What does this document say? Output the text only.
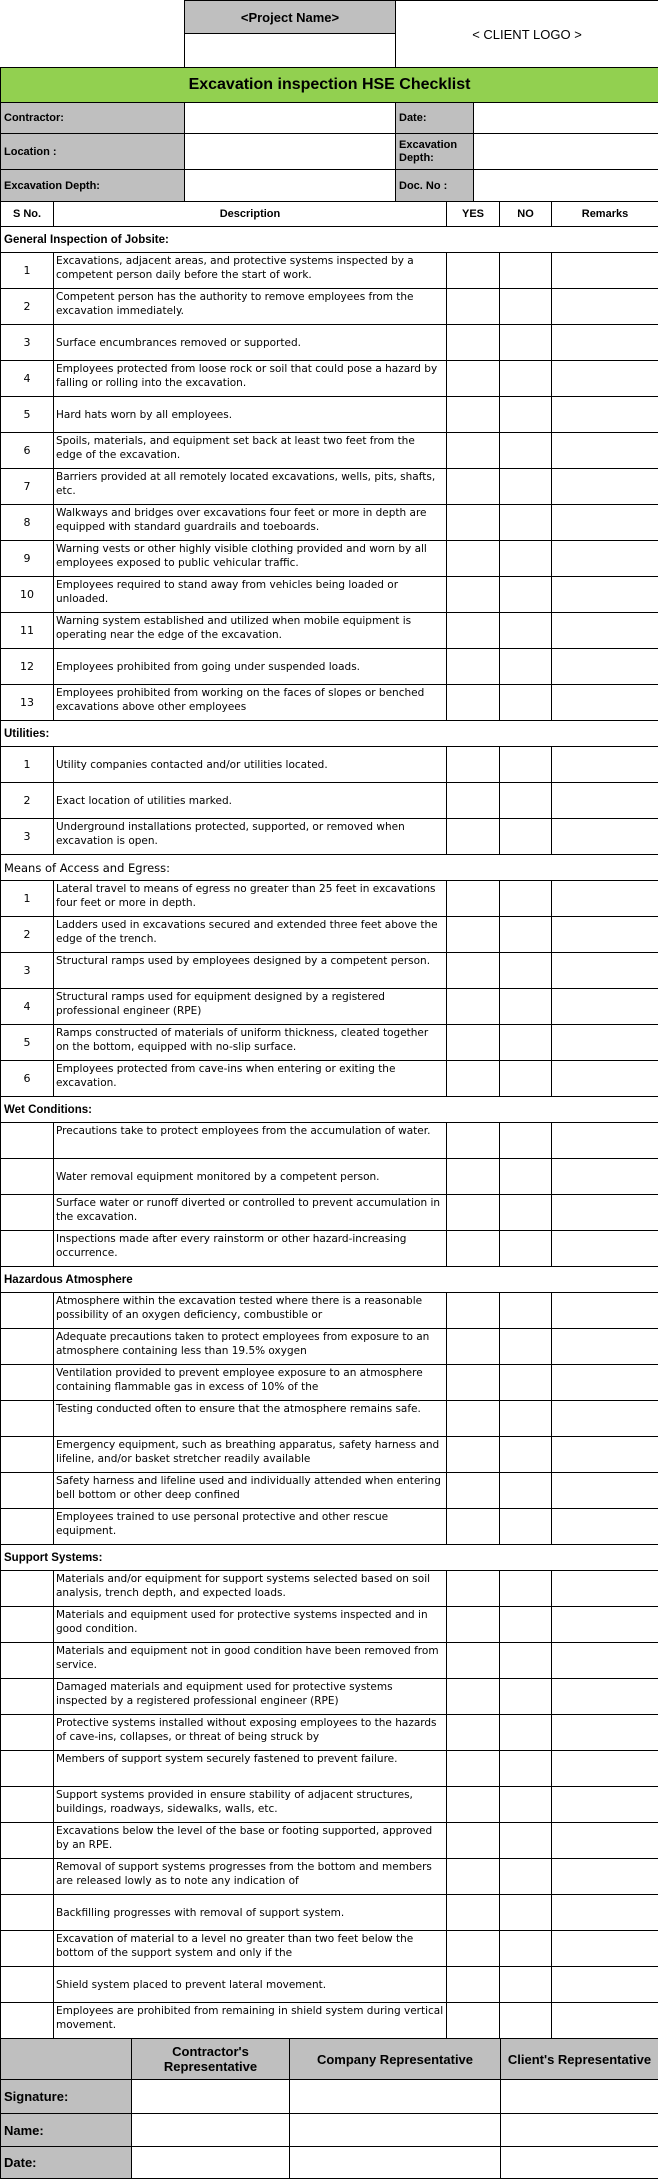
	<Project Name>	< CLIENT LOGO >	

Excavation inspection HSE Checklist			
Contractor:		Date:	
Location :		Excavation Depth:	
Excavation Depth:		Doc. No :	
S No.	Description	YES	NO	Remarks
General Inspection of Jobsite:				
1	Excavations, adjacent areas, and protective systems inspected by a competent person daily before the start of work.			
2	Competent person has the authority to remove employees from the excavation immediately.			
3	Surface encumbrances removed or supported.			
4	Employees protected from loose rock or soil that could pose a hazard by falling or rolling into the excavation.			
5	Hard hats worn by all employees.			
6	Spoils, materials, and equipment set back at least two feet from the edge of the excavation.			
7	Barriers provided at all remotely located excavations, wells, pits, shafts, etc.			
8	Walkways and bridges over excavations four feet or more in depth are equipped with standard guardrails and toeboards.			
9	Warning vests or other highly visible clothing provided and worn by all employees exposed to public vehicular traffic.			
10	Employees required to stand away from vehicles being loaded or unloaded.			
11	Warning system established and utilized when mobile equipment is operating near the edge of the excavation.			
12	Employees prohibited from going under suspended loads.			
13	Employees prohibited from working on the faces of slopes or benched excavations above other employees			
Utilities:				
1	Utility companies contacted and/or utilities located.			
2	Exact location of utilities marked.			
3	Underground installations protected, supported, or removed when excavation is open.			
Means of Access and Egress:				
1	Lateral travel to means of egress no greater than 25 feet in excavations four feet or more in depth.			
2	Ladders used in excavations secured and extended three feet above the edge of the trench.			
3	Structural ramps used by employees designed by a competent person.			
4	Structural ramps used for equipment designed by a registered professional engineer (RPE)			
5	Ramps constructed of materials of uniform thickness, cleated together on the bottom, equipped with no-slip surface.			
6	Employees protected from cave-ins when entering or exiting the excavation.			
Wet Conditions:				
	Precautions take to protect employees from the accumulation of water.			
	Water removal equipment monitored by a competent person.			
	Surface water or runoff diverted or controlled to prevent accumulation in the excavation.			
	Inspections made after every rainstorm or other hazard-increasing occurrence.			
Hazardous Atmosphere				
	Atmosphere within the excavation tested where there is a reasonable possibility of an oxygen deficiency, combustible or			
	Adequate precautions taken to protect employees from exposure to an atmosphere containing less than 19.5% oxygen			
	Ventilation provided to prevent employee exposure to an atmosphere containing flammable gas in excess of 10% of the			
	Testing conducted often to ensure that the atmosphere remains safe.			
	Emergency equipment, such as breathing apparatus, safety harness and lifeline, and/or basket stretcher readily available			
	Safety harness and lifeline used and individually attended when entering bell bottom or other deep confined			
	Employees trained to use personal protective and other rescue equipment.			
Support Systems:				
	Materials and/or equipment for support systems selected based on soil analysis, trench depth, and expected loads.			
	Materials and equipment used for protective systems inspected and in good condition.			
	Materials and equipment not in good condition have been removed from service.			
	Damaged materials and equipment used for protective systems inspected by a registered professional engineer (RPE)			
	Protective systems installed without exposing employees to the hazards of cave-ins, collapses, or threat of being struck by			
	Members of support system securely fastened to prevent failure.			
	Support systems provided in ensure stability of adjacent structures, buildings, roadways, sidewalks, walls, etc.			
	Excavations below the level of the base or footing supported, approved by an RPE.			
	Removal of support systems progresses from the bottom and members are released lowly as to note any indication of			
	Backfilling progresses with removal of support system.			
	Excavation of material to a level no greater than two feet below the bottom of the support system and only if the			
	Shield system placed to prevent lateral movement.			
	Employees are prohibited from remaining in shield system during vertical movement.			
	Contractor's Representative	Company Representative	Client's Representative
Signature:			
Name:			
Date:			
